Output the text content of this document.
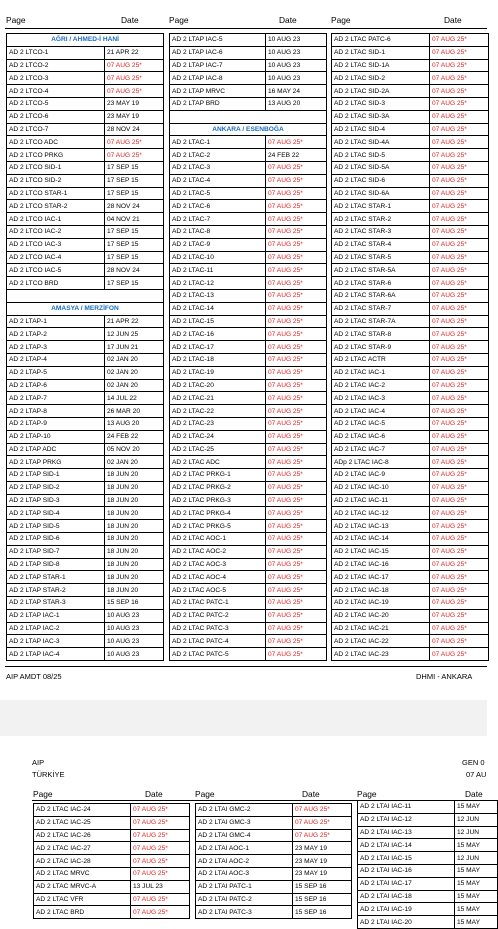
Page	Date	Page	Date	Page	Date
AĞRI / AHMED-İ HANİ	
AD 2 LTCO-1	21 APR 22
AD 2 LTCO-2	07 AUG 25*
AD 2 LTCO-3	07 AUG 25*
AD 2 LTCO-4	07 AUG 25*
AD 2 LTCO-5	23 MAY 19
AD 2 LTCO-6	23 MAY 19
AD 2 LTCO-7	28 NOV 24
AD 2 LTCO ADC	07 AUG 25*
AD 2 LTCO PRKG	07 AUG 25*
AD 2 LTCO SID-1	17 SEP 15
AD 2 LTCO SID-2	17 SEP 15
AD 2 LTCO STAR-1	17 SEP 15
AD 2 LTCO STAR-2	28 NOV 24
AD 2 LTCO IAC-1	04 NOV 21
AD 2 LTCO IAC-2	17 SEP 15
AD 2 LTCO IAC-3	17 SEP 15
AD 2 LTCO IAC-4	17 SEP 15
AD 2 LTCO IAC-5	28 NOV 24
AD 2 LTCO BRD	17 SEP 15

AMASYA / MERZİFON	
AD 2 LTAP-1	21 APR 22
AD 2 LTAP-2	12 JUN 25
AD 2 LTAP-3	17 JUN 21
AD 2 LTAP-4	02 JAN 20
AD 2 LTAP-5	02 JAN 20
AD 2 LTAP-6	02 JAN 20
AD 2 LTAP-7	14 JUL 22
AD 2 LTAP-8	26 MAR 20
AD 2 LTAP-9	13 AUG 20
AD 2 LTAP-10	24 FEB 22
AD 2 LTAP ADC	05 NOV 20
AD 2 LTAP PRKG	02 JAN 20
AD 2 LTAP SID-1	18 JUN 20
AD 2 LTAP SID-2	18 JUN 20
AD 2 LTAP SID-3	18 JUN 20
AD 2 LTAP SID-4	18 JUN 20
AD 2 LTAP SID-5	18 JUN 20
AD 2 LTAP SID-6	18 JUN 20
AD 2 LTAP SID-7	18 JUN 20
AD 2 LTAP SID-8	18 JUN 20
AD 2 LTAP STAR-1	18 JUN 20
AD 2 LTAP STAR-2	18 JUN 20
AD 2 LTAP STAR-3	15 SEP 16
AD 2 LTAP IAC-1	10 AUG 23
AD 2 LTAP IAC-2	10 AUG 23
AD 2 LTAP IAC-3	10 AUG 23
AD 2 LTAP IAC-4	10 AUG 23
AD 2 LTAP IAC-5	10 AUG 23
AD 2 LTAP IAC-6	10 AUG 23
AD 2 LTAP IAC-7	10 AUG 23
AD 2 LTAP IAC-8	10 AUG 23
AD 2 LTAP MRVC	16 MAY 24
AD 2 LTAP BRD	13 AUG 20

ANKARA / ESENBOĞA	
AD 2 LTAC-1	07 AUG 25*
AD 2 LTAC-2	24 FEB 22
AD 2 LTAC-3	07 AUG 25*
AD 2 LTAC-4	07 AUG 25*
AD 2 LTAC-5	07 AUG 25*
AD 2 LTAC-6	07 AUG 25*
AD 2 LTAC-7	07 AUG 25*
AD 2 LTAC-8	07 AUG 25*
AD 2 LTAC-9	07 AUG 25*
AD 2 LTAC-10	07 AUG 25*
AD 2 LTAC-11	07 AUG 25*
AD 2 LTAC-12	07 AUG 25*
AD 2 LTAC-13	07 AUG 25*
AD 2 LTAC-14	07 AUG 25*
AD 2 LTAC-15	07 AUG 25*
AD 2 LTAC-16	07 AUG 25*
AD 2 LTAC-17	07 AUG 25*
AD 2 LTAC-18	07 AUG 25*
AD 2 LTAC-19	07 AUG 25*
AD 2 LTAC-20	07 AUG 25*
AD 2 LTAC-21	07 AUG 25*
AD 2 LTAC-22	07 AUG 25*
AD 2 LTAC-23	07 AUG 25*
AD 2 LTAC-24	07 AUG 25*
AD 2 LTAC-25	07 AUG 25*
AD 2 LTAC ADC	07 AUG 25*
AD 2 LTAC PRKG-1	07 AUG 25*
AD 2 LTAC PRKG-2	07 AUG 25*
AD 2 LTAC PRKG-3	07 AUG 25*
AD 2 LTAC PRKG-4	07 AUG 25*
AD 2 LTAC PRKG-5	07 AUG 25*
AD 2 LTAC AOC-1	07 AUG 25*
AD 2 LTAC AOC-2	07 AUG 25*
AD 2 LTAC AOC-3	07 AUG 25*
AD 2 LTAC AOC-4	07 AUG 25*
AD 2 LTAC AOC-5	07 AUG 25*
AD 2 LTAC PATC-1	07 AUG 25*
AD 2 LTAC PATC-2	07 AUG 25*
AD 2 LTAC PATC-3	07 AUG 25*
AD 2 LTAC PATC-4	07 AUG 25*
AD 2 LTAC PATC-5	07 AUG 25*
AD 2 LTAC PATC-6	07 AUG 25*
AD 2 LTAC SID-1	07 AUG 25*
AD 2 LTAC SID-1A	07 AUG 25*
AD 2 LTAC SID-2	07 AUG 25*
AD 2 LTAC SID-2A	07 AUG 25*
AD 2 LTAC SID-3	07 AUG 25*
AD 2 LTAC SID-3A	07 AUG 25*
AD 2 LTAC SID-4	07 AUG 25*
AD 2 LTAC SID-4A	07 AUG 25*
AD 2 LTAC SID-5	07 AUG 25*
AD 2 LTAC SID-5A	07 AUG 25*
AD 2 LTAC SID-6	07 AUG 25*
AD 2 LTAC SID-6A	07 AUG 25*
AD 2 LTAC STAR-1	07 AUG 25*
AD 2 LTAC STAR-2	07 AUG 25*
AD 2 LTAC STAR-3	07 AUG 25*
AD 2 LTAC STAR-4	07 AUG 25*
AD 2 LTAC STAR-5	07 AUG 25*
AD 2 LTAC STAR-5A	07 AUG 25*
AD 2 LTAC STAR-6	07 AUG 25*
AD 2 LTAC STAR-6A	07 AUG 25*
AD 2 LTAC STAR-7	07 AUG 25*
AD 2 LTAC STAR-7A	07 AUG 25*
AD 2 LTAC STAR-8	07 AUG 25*
AD 2 LTAC STAR-9	07 AUG 25*
AD 2 LTAC ACTR	07 AUG 25*
AD 2 LTAC IAC-1	07 AUG 25*
AD 2 LTAC IAC-2	07 AUG 25*
AD 2 LTAC IAC-3	07 AUG 25*
AD 2 LTAC IAC-4	07 AUG 25*
AD 2 LTAC IAC-5	07 AUG 25*
AD 2 LTAC IAC-6	07 AUG 25*
AD 2 LTAC IAC-7	07 AUG 25*
ADp 2 LTAC IAC-8	07 AUG 25*
AD 2 LTAC IAC-9	07 AUG 25*
AD 2 LTAC IAC-10	07 AUG 25*
AD 2 LTAC IAC-11	07 AUG 25*
AD 2 LTAC IAC-12	07 AUG 25*
AD 2 LTAC IAC-13	07 AUG 25*
AD 2 LTAC IAC-14	07 AUG 25*
AD 2 LTAC IAC-15	07 AUG 25*
AD 2 LTAC IAC-16	07 AUG 25*
AD 2 LTAC IAC-17	07 AUG 25*
AD 2 LTAC IAC-18	07 AUG 25*
AD 2 LTAC IAC-19	07 AUG 25*
AD 2 LTAC IAC-20	07 AUG 25*
AD 2 LTAC IAC-21	07 AUG 25*
AD 2 LTAC IAC-22	07 AUG 25*
AD 2 LTAC IAC-23	07 AUG 25*
AIP AMDT 08/25	DHMI - ANKARA
AIP
TÜRKİYE
GEN 0
07 AU
Page	Date	Page	Date	Page	Date
AD 2 LTAC IAC-24	07 AUG 25*
AD 2 LTAC IAC-25	07 AUG 25*
AD 2 LTAC IAC-26	07 AUG 25*
AD 2 LTAC IAC-27	07 AUG 25*
AD 2 LTAC IAC-28	07 AUG 25*
AD 2 LTAC MRVC	07 AUG 25*
AD 2 LTAC MRVC-A	13 JUL 23
AD 2 LTAC VFR	07 AUG 25*
AD 2 LTAC BRD	07 AUG 25*
AD 2 LTAI GMC-2	07 AUG 25*
AD 2 LTAI GMC-3	07 AUG 25*
AD 2 LTAI GMC-4	07 AUG 25*
AD 2 LTAI AOC-1	23 MAY 19
AD 2 LTAI AOC-2	23 MAY 19
AD 2 LTAI AOC-3	23 MAY 19
AD 2 LTAI PATC-1	15 SEP 16
AD 2 LTAI PATC-2	15 SEP 16
AD 2 LTAI PATC-3	15 SEP 16
AD 2 LTAI IAC-11	15 MAY
AD 2 LTAI IAC-12	12 JUN
AD 2 LTAI IAC-13	12 JUN
AD 2 LTAI IAC-14	15 MAY
AD 2 LTAI IAC-15	12 JUN
AD 2 LTAI IAC-16	15 MAY
AD 2 LTAI IAC-17	15 MAY
AD 2 LTAI IAC-18	15 MAY
AD 2 LTAI IAC-19	15 MAY
AD 2 LTAI IAC-20	15 MAY
